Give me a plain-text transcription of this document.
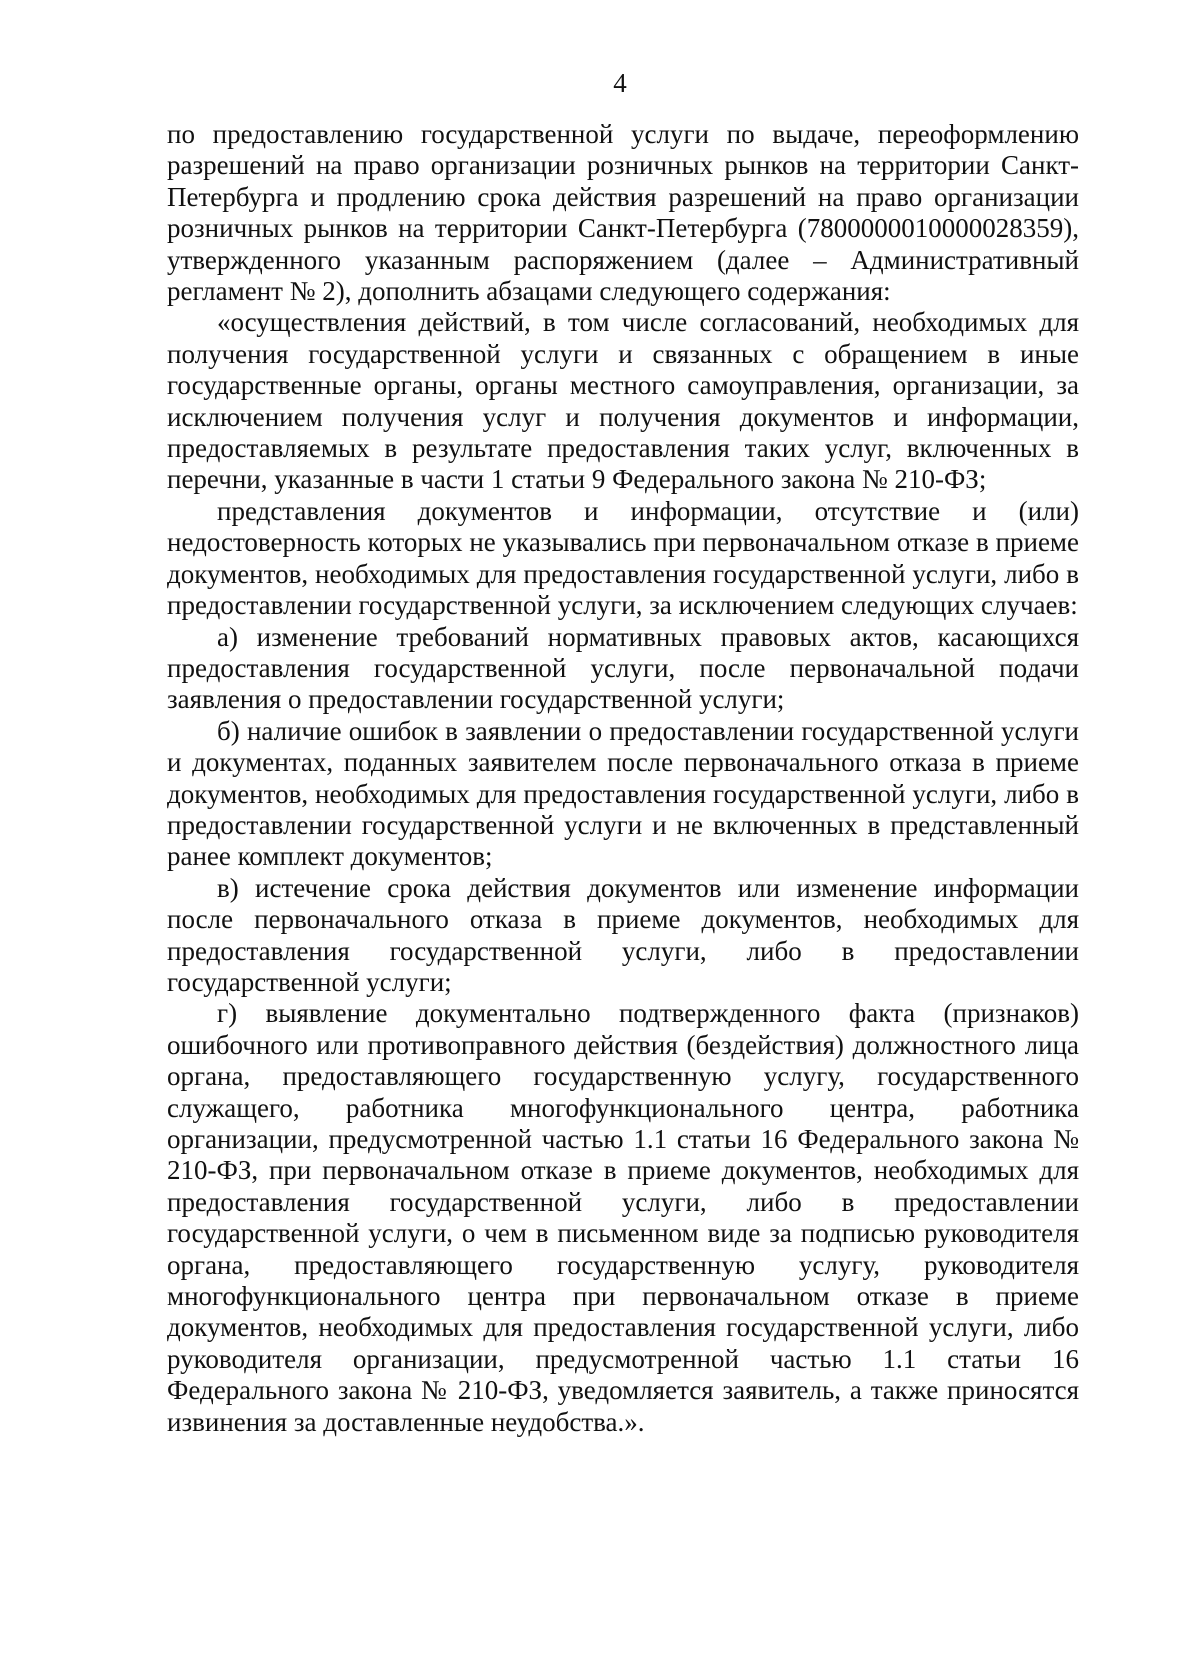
4

по предоставлению государственной услуги по выдаче, переоформлению разрешений на право организации розничных рынков на территории Санкт-Петербурга и продлению срока действия разрешений на право организации розничных рынков на территории Санкт-Петербурга (7800000010000028359), утвержденного указанным распоряжением (далее – Административный регламент № 2), дополнить абзацами следующего содержания:

«осуществления действий, в том числе согласований, необходимых для получения государственной услуги и связанных с обращением в иные государственные органы, органы местного самоуправления, организации, за исключением получения услуг и получения документов и информации, предоставляемых в результате предоставления таких услуг, включенных в перечни, указанные в части 1 статьи 9 Федерального закона № 210-ФЗ;

представления документов и информации, отсутствие и (или) недостоверность которых не указывались при первоначальном отказе в приеме документов, необходимых для предоставления государственной услуги, либо в предоставлении государственной услуги, за исключением следующих случаев:

а) изменение требований нормативных правовых актов, касающихся предоставления государственной услуги, после первоначальной подачи заявления о предоставлении государственной услуги;

б) наличие ошибок в заявлении о предоставлении государственной услуги и документах, поданных заявителем после первоначального отказа в приеме документов, необходимых для предоставления государственной услуги, либо в предоставлении государственной услуги и не включенных в представленный ранее комплект документов;

в) истечение срока действия документов или изменение информации после первоначального отказа в приеме документов, необходимых для предоставления государственной услуги, либо в предоставлении государственной услуги;

г) выявление документально подтвержденного факта (признаков) ошибочного или противоправного действия (бездействия) должностного лица органа, предоставляющего государственную услугу, государственного служащего, работника многофункционального центра, работника организации, предусмотренной частью 1.1 статьи 16 Федерального закона № 210-ФЗ, при первоначальном отказе в приеме документов, необходимых для предоставления государственной услуги, либо в предоставлении государственной услуги, о чем в письменном виде за подписью руководителя органа, предоставляющего государственную услугу, руководителя многофункционального центра при первоначальном отказе в приеме документов, необходимых для предоставления государственной услуги, либо руководителя организации, предусмотренной частью 1.1 статьи 16 Федерального закона № 210-ФЗ, уведомляется заявитель, а также приносятся извинения за доставленные неудобства.».
